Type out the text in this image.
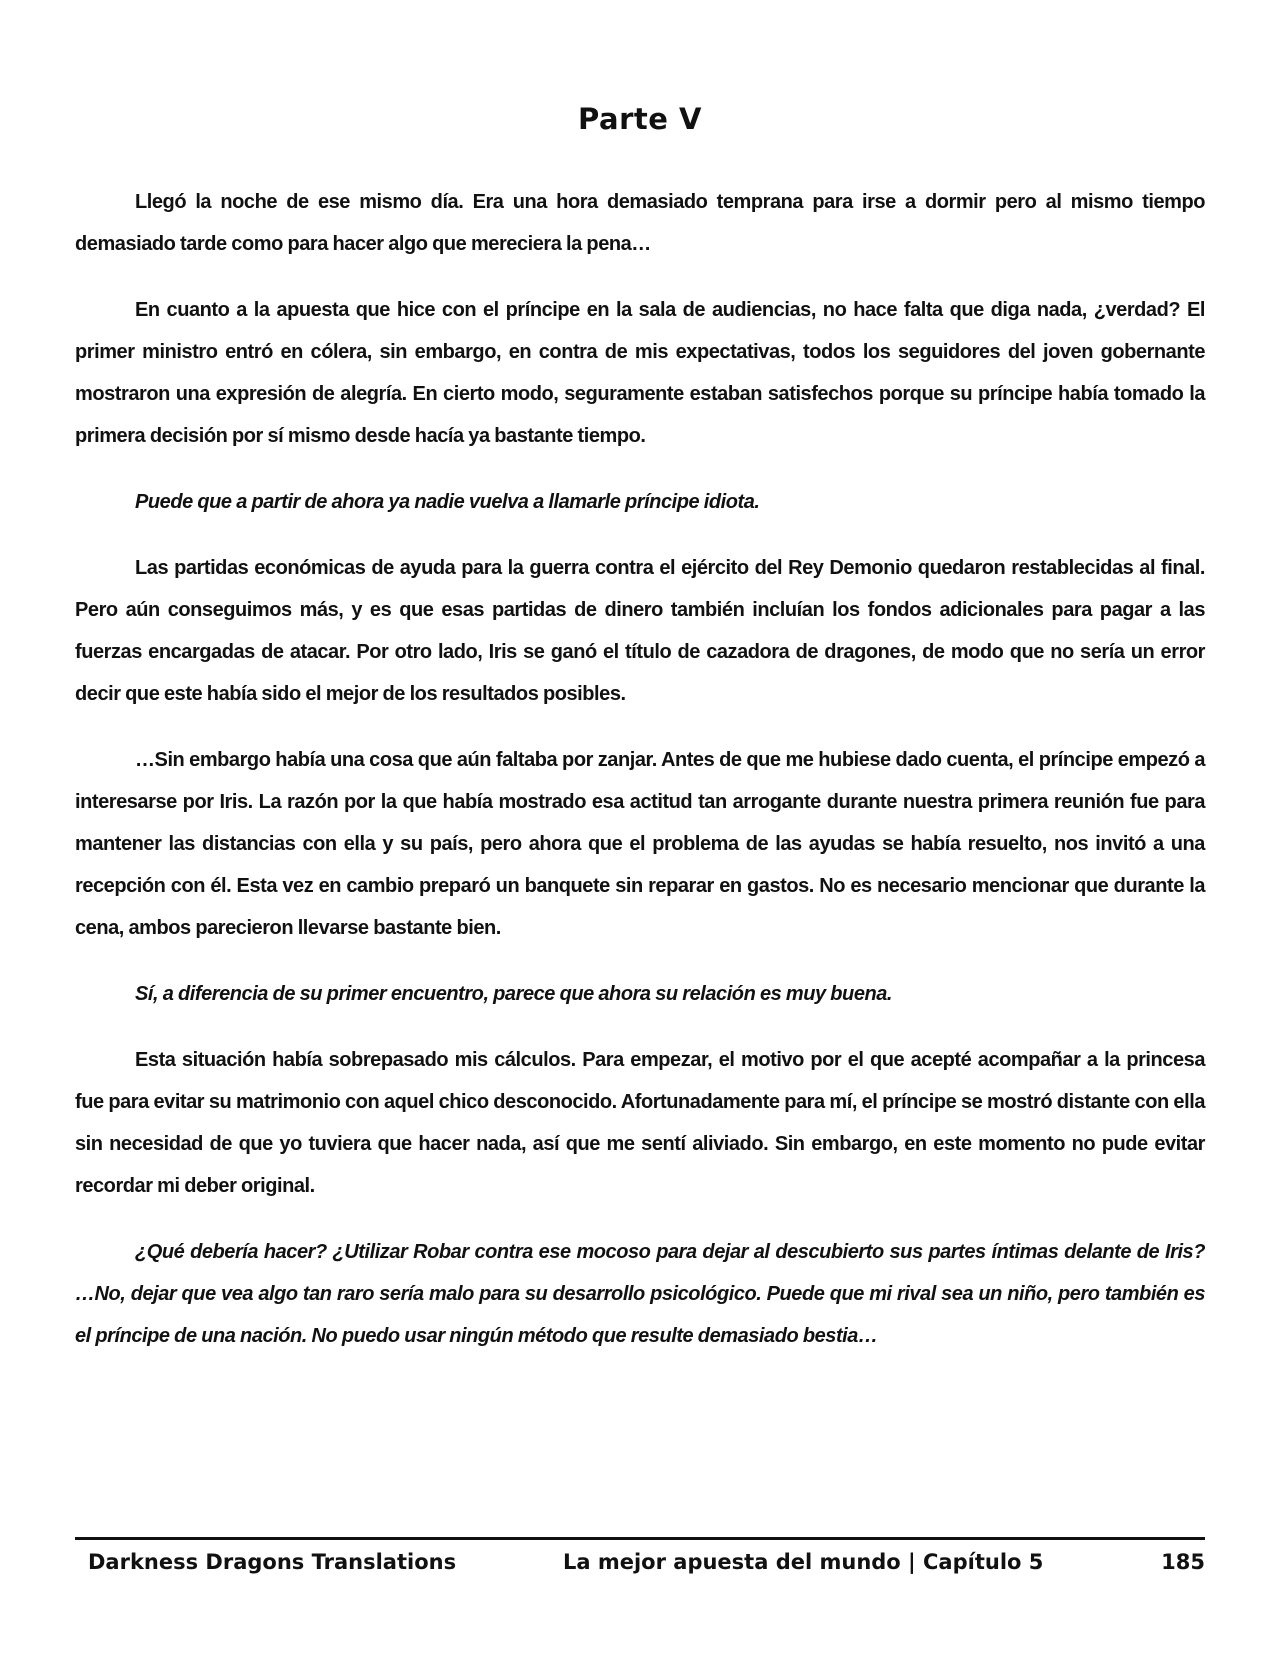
Parte V

Llegó la noche de ese mismo día. Era una hora demasiado temprana para irse a dormir pero al mismo tiempo demasiado tarde como para hacer algo que mereciera la pena…

En cuanto a la apuesta que hice con el príncipe en la sala de audiencias, no hace falta que diga nada, ¿verdad? El primer ministro entró en cólera, sin embargo, en contra de mis expectativas, todos los seguidores del joven gobernante mostraron una expresión de alegría. En cierto modo, seguramente estaban satisfechos porque su príncipe había tomado la primera decisión por sí mismo desde hacía ya bastante tiempo.

Puede que a partir de ahora ya nadie vuelva a llamarle príncipe idiota.

Las partidas económicas de ayuda para la guerra contra el ejército del Rey Demonio quedaron restablecidas al final. Pero aún conseguimos más, y es que esas partidas de dinero también incluían los fondos adicionales para pagar a las fuerzas encargadas de atacar. Por otro lado, Iris se ganó el título de cazadora de dragones, de modo que no sería un error decir que este había sido el mejor de los resultados posibles.

…Sin embargo había una cosa que aún faltaba por zanjar. Antes de que me hubiese dado cuenta, el príncipe empezó a interesarse por Iris. La razón por la que había mostrado esa actitud tan arrogante durante nuestra primera reunión fue para mantener las distancias con ella y su país, pero ahora que el problema de las ayudas se había resuelto, nos invitó a una recepción con él. Esta vez en cambio preparó un banquete sin reparar en gastos. No es necesario mencionar que durante la cena, ambos parecieron llevarse bastante bien.

Sí, a diferencia de su primer encuentro, parece que ahora su relación es muy buena.

Esta situación había sobrepasado mis cálculos. Para empezar, el motivo por el que acepté acompañar a la princesa fue para evitar su matrimonio con aquel chico desconocido. Afortunadamente para mí, el príncipe se mostró distante con ella sin necesidad de que yo tuviera que hacer nada, así que me sentí aliviado. Sin embargo, en este momento no pude evitar recordar mi deber original.

¿Qué debería hacer? ¿Utilizar Robar contra ese mocoso para dejar al descubierto sus partes íntimas delante de Iris? …No, dejar que vea algo tan raro sería malo para su desarrollo psicológico. Puede que mi rival sea un niño, pero también es el príncipe de una nación. No puedo usar ningún método que resulte demasiado bestia…

Darkness Dragons Translations	La mejor apuesta del mundo | Capítulo 5	185
